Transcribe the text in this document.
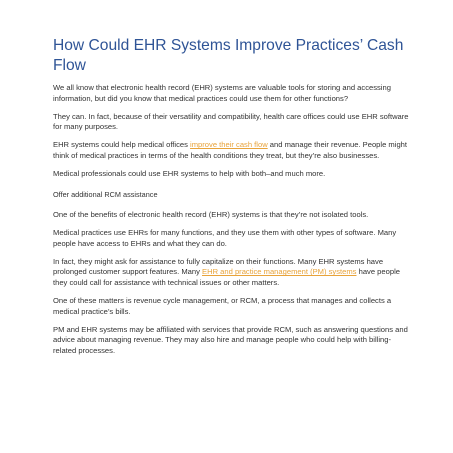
How Could EHR Systems Improve Practices’ Cash Flow

We all know that electronic health record (EHR) systems are valuable tools for storing and accessing information, but did you know that medical practices could use them for other functions?

They can. In fact, because of their versatility and compatibility, health care offices could use EHR software for many purposes.

EHR systems could help medical offices improve their cash flow and manage their revenue. People might think of medical practices in terms of the health conditions they treat, but they’re also businesses.

Medical professionals could use EHR systems to help with both–and much more.

Offer additional RCM assistance

One of the benefits of electronic health record (EHR) systems is that they’re not isolated tools.

Medical practices use EHRs for many functions, and they use them with other types of software. Many people have access to EHRs and what they can do.

In fact, they might ask for assistance to fully capitalize on their functions. Many EHR systems have prolonged customer support features. Many EHR and practice management (PM) systems have people they could call for assistance with technical issues or other matters.

One of these matters is revenue cycle management, or RCM, a process that manages and collects a medical practice’s bills.

PM and EHR systems may be affiliated with services that provide RCM, such as answering questions and advice about managing revenue. They may also hire and manage people who could help with billing-related processes.
